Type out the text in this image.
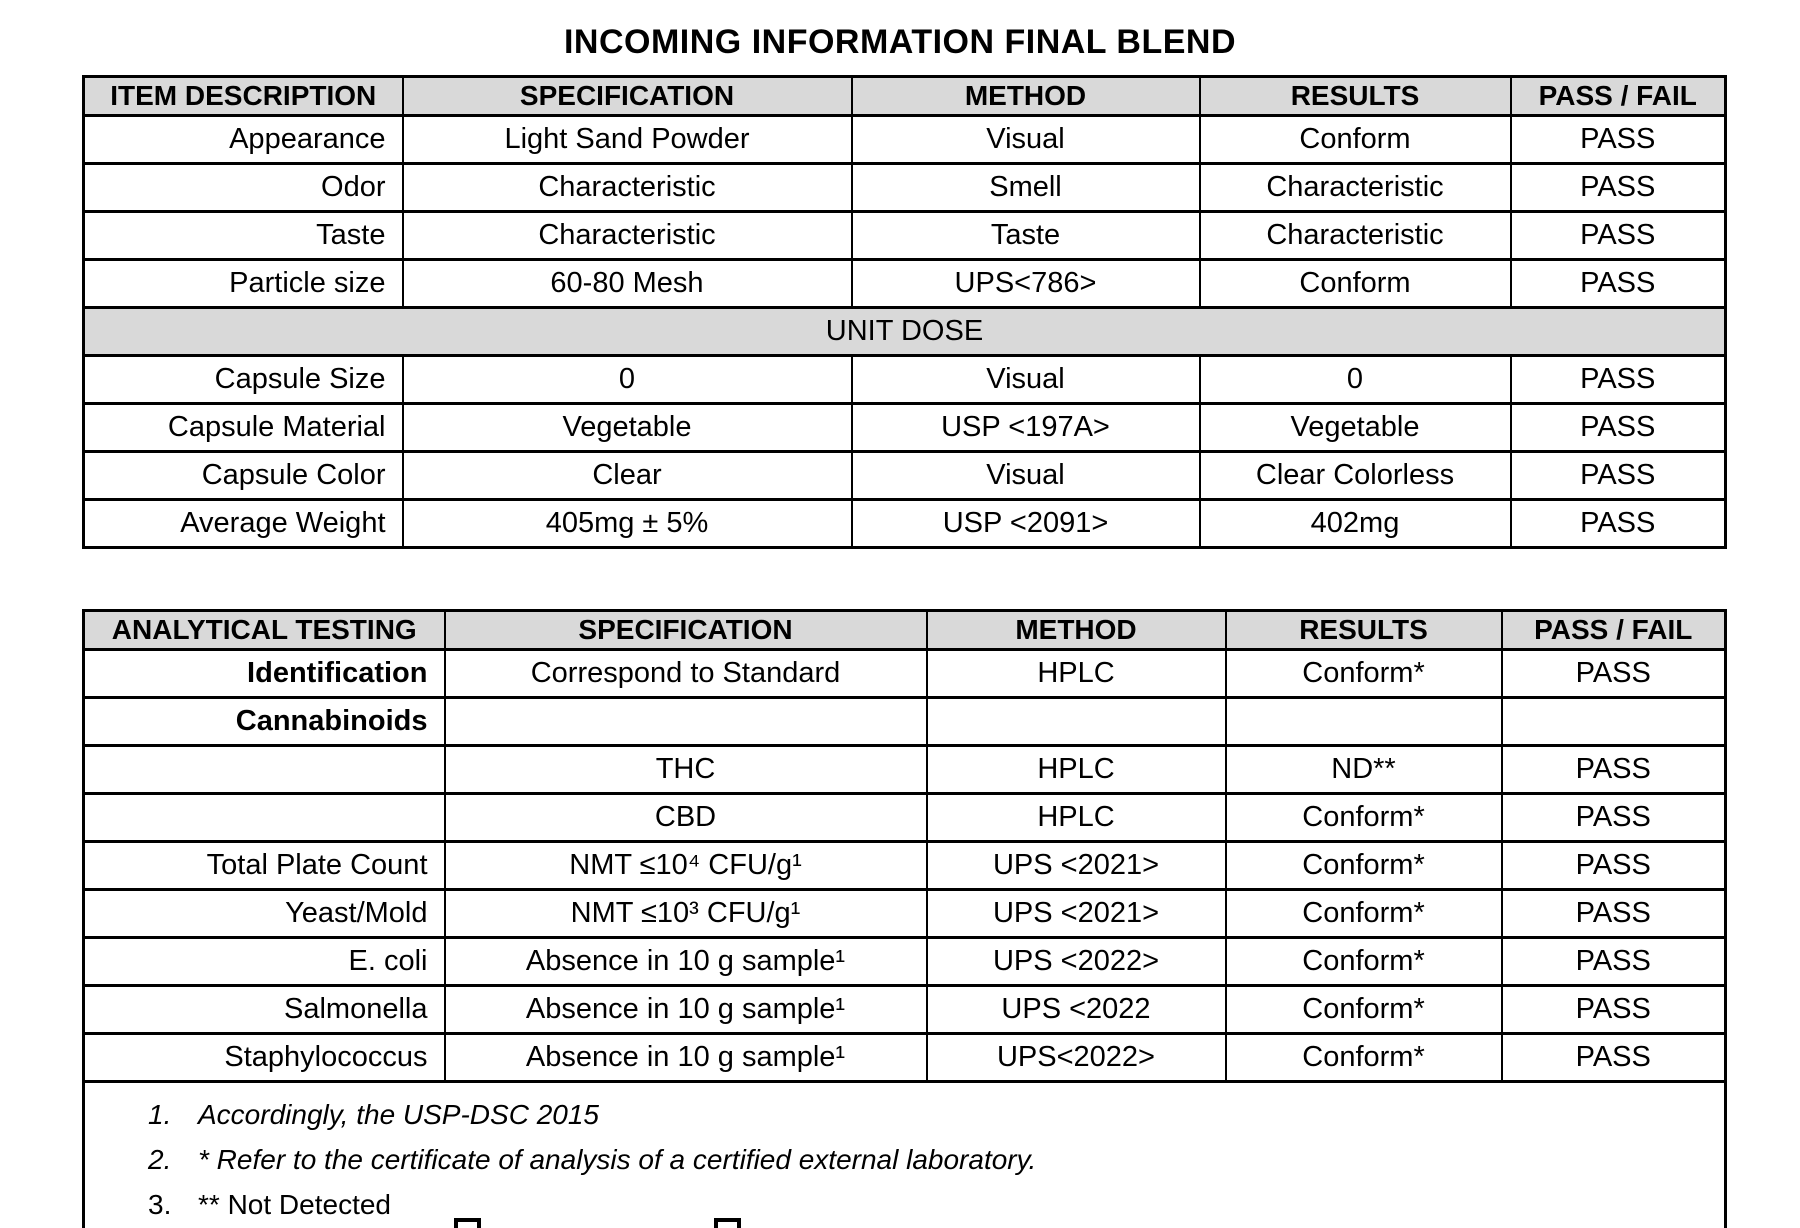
INCOMING INFORMATION FINAL BLEND
ITEM DESCRIPTION	SPECIFICATION	METHOD	RESULTS	PASS / FAIL
Appearance	Light Sand Powder	Visual	Conform	PASS
Odor	Characteristic	Smell	Characteristic	PASS
Taste	Characteristic	Taste	Characteristic	PASS
Particle size	60-80 Mesh	UPS<786>	Conform	PASS
UNIT DOSE				
Capsule Size	0	Visual	0	PASS
Capsule Material	Vegetable	USP <197A>	Vegetable	PASS
Capsule Color	Clear	Visual	Clear Colorless	PASS
Average Weight	405mg ± 5%	USP <2091>	402mg	PASS
ANALYTICAL TESTING	SPECIFICATION	METHOD	RESULTS	PASS / FAIL
Identification	Correspond to Standard	HPLC	Conform*	PASS
Cannabinoids				
	THC	HPLC	ND**	PASS
	CBD	HPLC	Conform*	PASS
Total Plate Count	NMT ≤10⁴ CFU/g¹	UPS <2021>	Conform*	PASS
Yeast/Mold	NMT ≤10³ CFU/g¹	UPS <2021>	Conform*	PASS
E. coli	Absence in 10 g sample¹	UPS <2022>	Conform*	PASS
Salmonella	Absence in 10 g sample¹	UPS <2022	Conform*	PASS
Staphylococcus	Absence in 10 g sample¹	UPS<2022>	Conform*	PASS

1. Accordingly, the USP-DSC 2015
2. * Refer to the certificate of analysis of a certified external laboratory.
3. ** Not Detected
